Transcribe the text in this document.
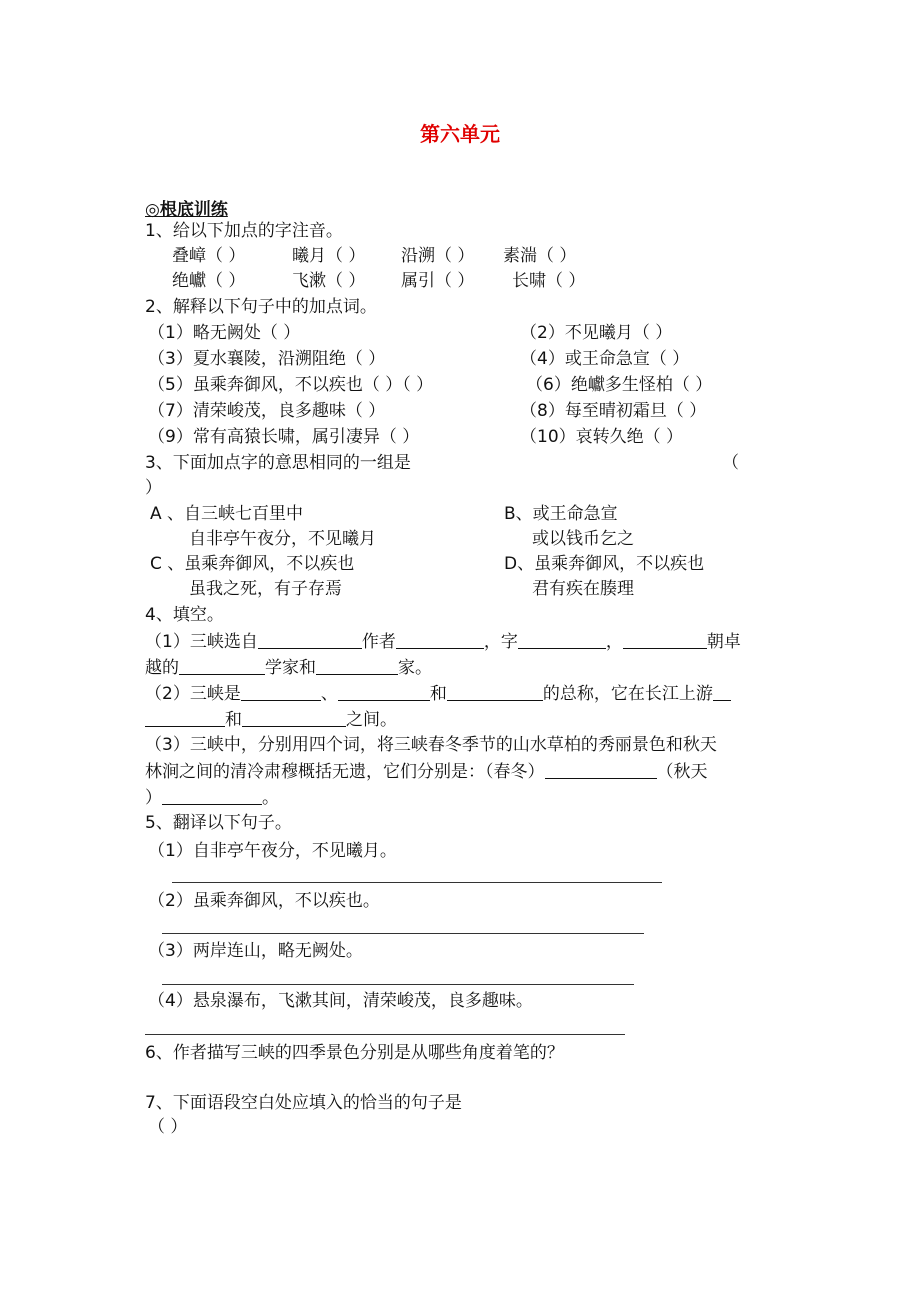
第六单元
◎根底训练
1、给以下加点的字注音。
叠嶂（ ）	曦月（ ） 沿溯（ ） 素湍（ ）
绝巘（ ）	飞漱（ ） 属引（ ） 长啸（ ）
2、解释以下句子中的加点词。
（1）略无阙处（ ）	（2）不见曦月（ ）
（3）夏水襄陵，沿溯阻绝（ ）	（4）或王命急宣（ ）
（5）虽乘奔御风，不以疾也（ ）（ ）	（6）绝巘多生怪柏（ ）
（7）清荣峻茂，良多趣味（ ）	（8）每至晴初霜旦（ ）
（9）常有高猿长啸，属引凄异（ ）	（10）哀转久绝（ ）
3、下面加点字的意思相同的一组是	（
）
A 、自三峡七百里中
自非亭午夜分，不见曦月
B、或王命急宣
或以钱币乞之
C 、虽乘奔御风，不以疾也
虽我之死，有子存焉
D、虽乘奔御风，不以疾也
君有疾在腠理
4、填空。
（1）三峡选自	作者	，字	，	朝卓
越的	学家和	家。
（2）三峡是	、	和	的总称，它在长江上游
和	之间。
（3）三峡中，分别用四个词，将三峡春冬季节的山水草柏的秀丽景色和秋天
林涧之间的清冷肃穆概括无遗，它们分别是：（春冬）	（秋天
）	。
5、翻译以下句子。
（1）自非亭午夜分，不见曦月。
（2）虽乘奔御风，不以疾也。
（3）两岸连山，略无阙处。
（4）悬泉瀑布，飞漱其间，清荣峻茂，良多趣味。
6、作者描写三峡的四季景色分别是从哪些角度着笔的？
7、下面语段空白处应填入的恰当的句子是
（ ）
